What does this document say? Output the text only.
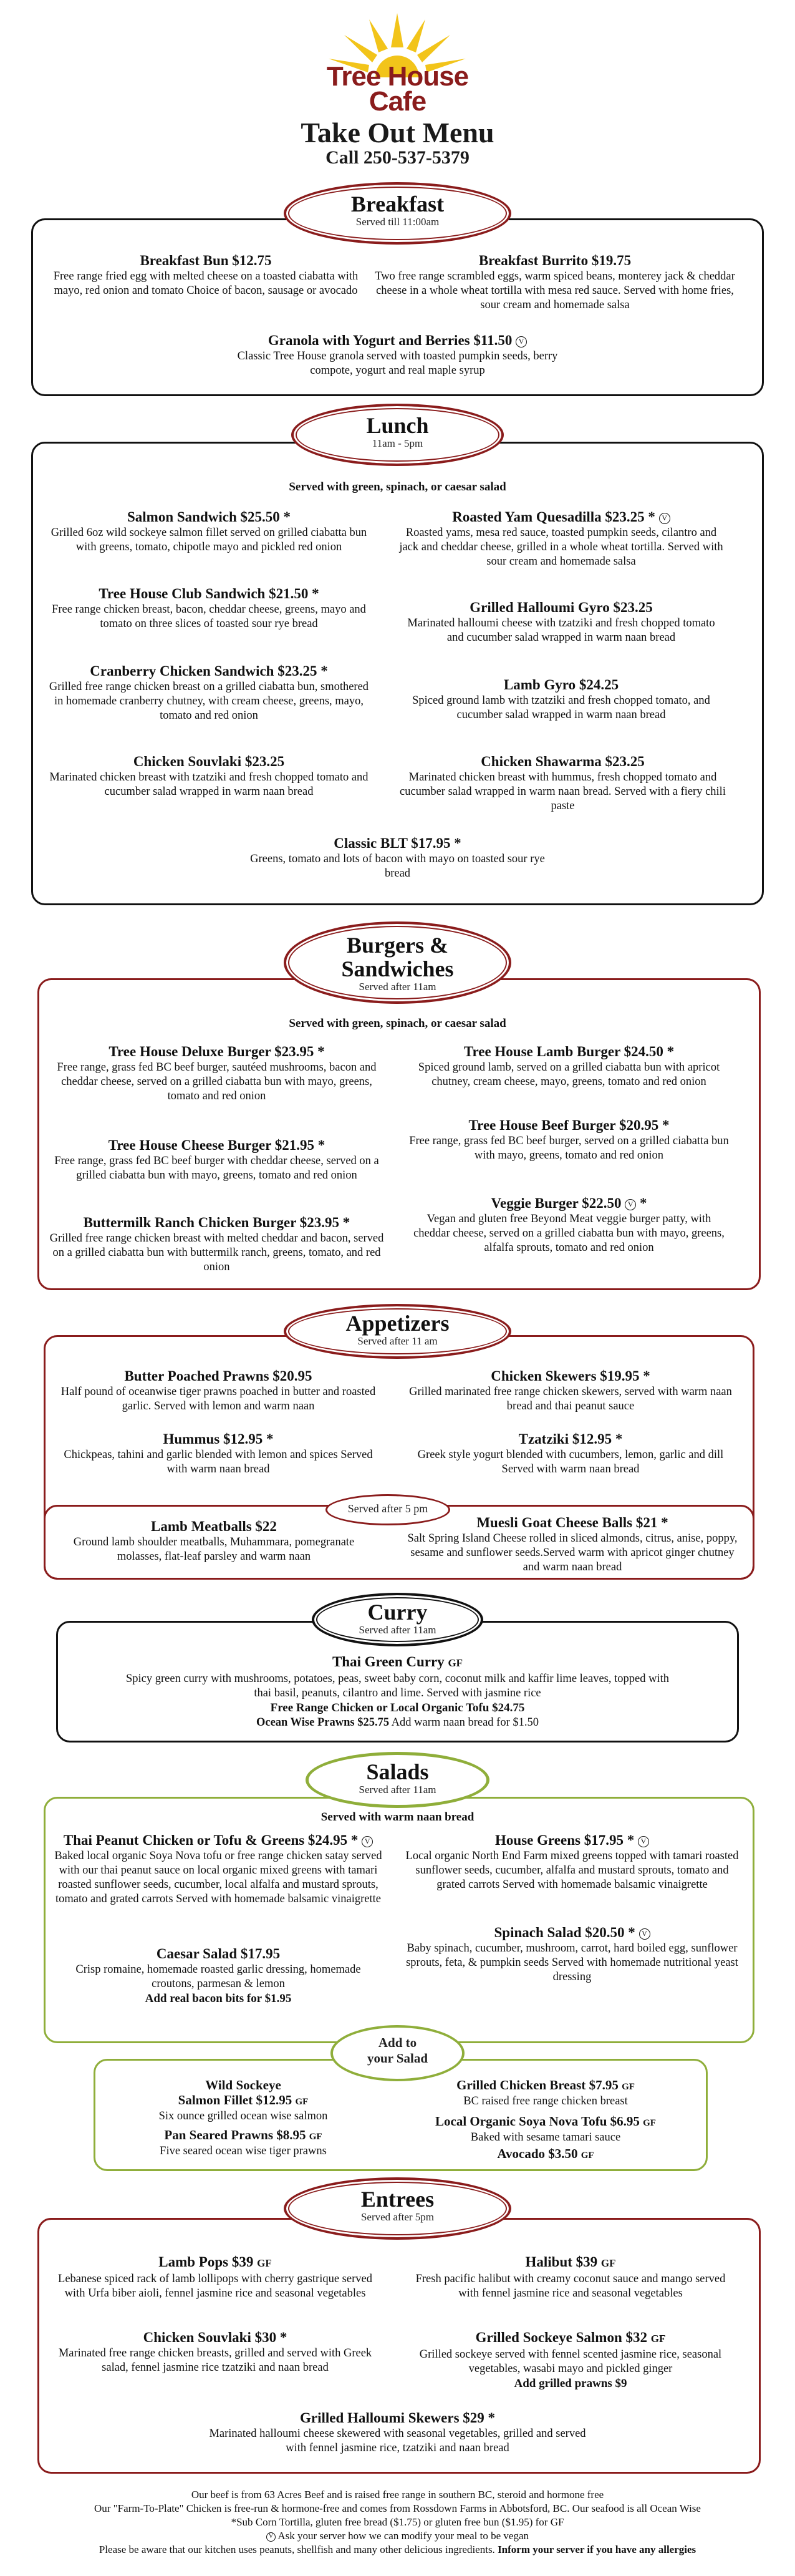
Tree House
Cafe
Take Out Menu
Call 250-537-5379
Breakfast
Served till 11:00am
Breakfast Bun $12.75
Free range fried egg with melted cheese on a toasted ciabatta with mayo, red onion and tomato Choice of bacon, sausage or avocado
Breakfast Burrito $19.75
Two free range scrambled eggs, warm spiced beans, monterey jack & cheddar cheese in a whole wheat tortilla with mesa red sauce. Served with home fries, sour cream and homemade salsa
Granola with Yogurt and Berries $11.50 V
Classic Tree House granola served with toasted pumpkin seeds, berry compote, yogurt and real maple syrup
Lunch
11am - 5pm
Served with green, spinach, or caesar salad
Salmon Sandwich $25.50 *
Grilled 6oz wild sockeye salmon fillet served on grilled ciabatta bun with greens, tomato, chipotle mayo and pickled red onion
Roasted Yam Quesadilla $23.25 * V
Roasted yams, mesa red sauce, toasted pumpkin seeds, cilantro and jack and cheddar cheese, grilled in a whole wheat tortilla. Served with sour cream and homemade salsa
Tree House Club Sandwich $21.50 *
Free range chicken breast, bacon, cheddar cheese, greens, mayo and tomato on three slices of toasted sour rye bread
Grilled Halloumi Gyro $23.25
Marinated halloumi cheese with tzatziki and fresh chopped tomato and cucumber salad wrapped in warm naan bread
Cranberry Chicken Sandwich $23.25 *
Grilled free range chicken breast on a grilled ciabatta bun, smothered in homemade cranberry chutney, with cream cheese, greens, mayo, tomato and red onion
Lamb Gyro $24.25
Spiced ground lamb with tzatziki and fresh chopped tomato, and cucumber salad wrapped in warm naan bread
Chicken Souvlaki $23.25
Marinated chicken breast with tzatziki and fresh chopped tomato and cucumber salad wrapped in warm naan bread
Chicken Shawarma $23.25
Marinated chicken breast with hummus, fresh chopped tomato and cucumber salad wrapped in warm naan bread. Served with a fiery chili paste
Classic BLT $17.95 *
Greens, tomato and lots of bacon with mayo on toasted sour rye bread
Burgers &
Sandwiches
Served after 11am
Served with green, spinach, or caesar salad
Tree House Deluxe Burger $23.95 *
Free range, grass fed BC beef burger, sautéed mushrooms, bacon and cheddar cheese, served on a grilled ciabatta bun with mayo, greens, tomato and red onion
Tree House Lamb Burger $24.50 *
Spiced ground lamb, served on a grilled ciabatta bun with apricot chutney, cream cheese, mayo, greens, tomato and red onion
Tree House Cheese Burger $21.95 *
Free range, grass fed BC beef burger with cheddar cheese, served on a grilled ciabatta bun with mayo, greens, tomato and red onion
Tree House Beef Burger $20.95 *
Free range, grass fed BC beef burger, served on a grilled ciabatta bun with mayo, greens, tomato and red onion
Buttermilk Ranch Chicken Burger $23.95 *
Grilled free range chicken breast with melted cheddar and bacon, served on a grilled ciabatta bun with buttermilk ranch, greens, tomato, and red onion
Veggie Burger $22.50 V *
Vegan and gluten free Beyond Meat veggie burger patty, with cheddar cheese, served on a grilled ciabatta bun with mayo, greens, alfalfa sprouts, tomato and red onion
Appetizers
Served after 11 am
Butter Poached Prawns $20.95
Half pound of oceanwise tiger prawns poached in butter and roasted garlic. Served with lemon and warm naan
Chicken Skewers $19.95 *
Grilled marinated free range chicken skewers, served with warm naan bread and thai peanut sauce
Hummus $12.95 *
Chickpeas, tahini and garlic blended with lemon and spices Served with warm naan bread
Tzatziki $12.95 *
Greek style yogurt blended with cucumbers, lemon, garlic and dill Served with warm naan bread
Lamb Meatballs $22
Ground lamb shoulder meatballs, Muhammara, pomegranate molasses, flat-leaf parsley and warm naan
Muesli Goat Cheese Balls $21 *
Salt Spring Island Cheese rolled in sliced almonds, citrus, anise, poppy, sesame and sunflower seeds.Served warm with apricot ginger chutney and warm naan bread
Served after 5 pm
Curry
Served after 11am
Thai Green Curry GF
Spicy green curry with mushrooms, potatoes, peas, sweet baby corn, coconut milk and kaffir lime leaves, topped with thai basil, peanuts, cilantro and lime. Served with jasmine rice
Free Range Chicken or Local Organic Tofu $24.75
Ocean Wise Prawns $25.75 Add warm naan bread for $1.50
Salads
Served after 11am
Served with warm naan bread
Thai Peanut Chicken or Tofu & Greens $24.95 * V
Baked local organic Soya Nova tofu or free range chicken satay served with our thai peanut sauce on local organic mixed greens with tamari roasted sunflower seeds, cucumber, local alfalfa and mustard sprouts, tomato and grated carrots Served with homemade balsamic vinaigrette
House Greens $17.95 * V
Local organic North End Farm mixed greens topped with tamari roasted sunflower seeds, cucumber, alfalfa and mustard sprouts, tomato and grated carrots Served with homemade balsamic vinaigrette
Caesar Salad $17.95
Crisp romaine, homemade roasted garlic dressing, homemade croutons, parmesan & lemon
Add real bacon bits for $1.95
Spinach Salad $20.50 * V
Baby spinach, cucumber, mushroom, carrot, hard boiled egg, sunflower sprouts, feta, & pumpkin seeds Served with homemade nutritional yeast dressing
Add to
your Salad
Wild Sockeye
Salmon Fillet $12.95 GF
Six ounce grilled ocean wise salmon
Grilled Chicken Breast $7.95 GF
BC raised free range chicken breast
Pan Seared Prawns $8.95 GF
Five seared ocean wise tiger prawns
Local Organic Soya Nova Tofu $6.95 GF
Baked with sesame tamari sauce
Avocado $3.50 GF
Entrees
Served after 5pm
Lamb Pops $39 GF
Lebanese spiced rack of lamb lollipops with cherry gastrique served with Urfa biber aioli, fennel jasmine rice and seasonal vegetables
Halibut $39 GF
Fresh pacific halibut with creamy coconut sauce and mango served with fennel jasmine rice and seasonal vegetables
Chicken Souvlaki $30 *
Marinated free range chicken breasts, grilled and served with Greek salad, fennel jasmine rice tzatziki and naan bread
Grilled Sockeye Salmon $32 GF
Grilled sockeye served with fennel scented jasmine rice, seasonal vegetables, wasabi mayo and pickled ginger
Add grilled prawns $9
Grilled Halloumi Skewers $29 *
Marinated halloumi cheese skewered with seasonal vegetables, grilled and served with fennel jasmine rice, tzatziki and naan bread
Our beef is from 63 Acres Beef and is raised free range in southern BC, steroid and hormone free
Our "Farm-To-Plate" Chicken is free-run & hormone-free and comes from Rossdown Farms in Abbotsford, BC. Our seafood is all Ocean Wise
*Sub Corn Tortilla, gluten free bread ($1.75) or gluten free bun ($1.95) for GF
V Ask your server how we can modify your meal to be vegan
Please be aware that our kitchen uses peanuts, shellfish and many other delicious ingredients. Inform your server if you have any allergies
